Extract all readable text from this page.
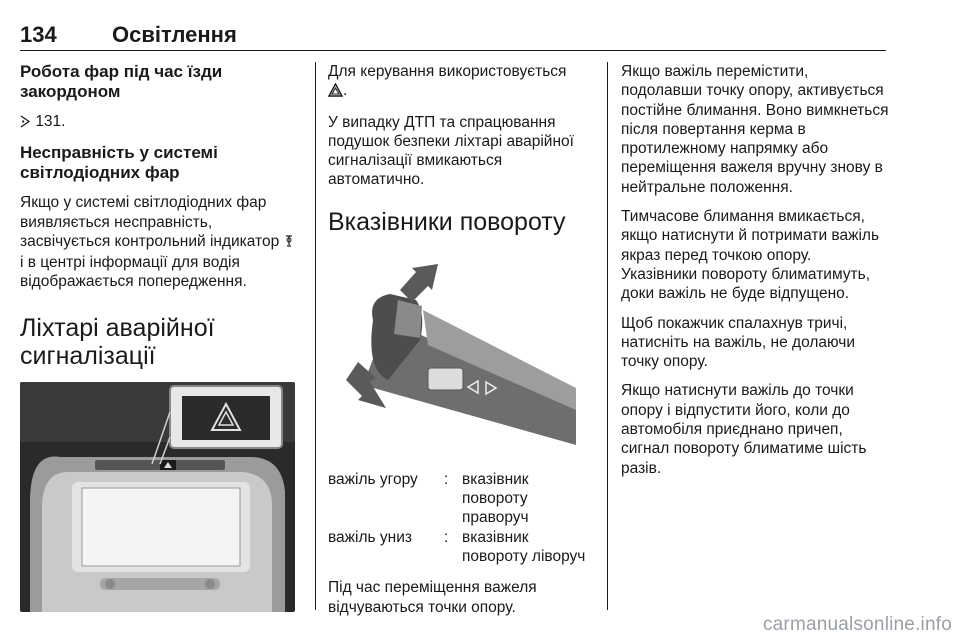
134	Освітлення
Робота фар під час їзди закордоном

131.

Несправність у системі світлодіодних фар

Якщо у системі світлодіодних фар виявляється несправність, засвічується контрольний індикатор  і в центрі інформації для водія відображається попередження.

Ліхтарі аварійної сигналізації

Для керування використовується
.

У випадку ДТП та спрацювання подушок безпеки ліхтарі аварійної сигналізації вмикаються автоматично.

Вказівники повороту
важіль угору	:	вказівник повороту праворуч
важіль униз	:	вказівник повороту ліворуч

Під час переміщення важеля відчуваються точки опору.

Якщо важіль перемістити, подолавши точку опору, активується постійне блимання. Воно вимкнеться після повертання керма в протилежному напрямку або переміщення важеля вручну знову в нейтральне положення.

Тимчасове блимання вмикається, якщо натиснути й потримати важіль якраз перед точкою опору. Указівники повороту блиматимуть, доки важіль не буде відпущено.

Щоб покажчик спалахнув тричі, натисніть на важіль, не долаючи точку опору.

Якщо натиснути важіль до точки опору і відпустити його, коли до автомобіля приєднано причеп, сигнал повороту блиматиме шість разів.

carmanualsonline.info
